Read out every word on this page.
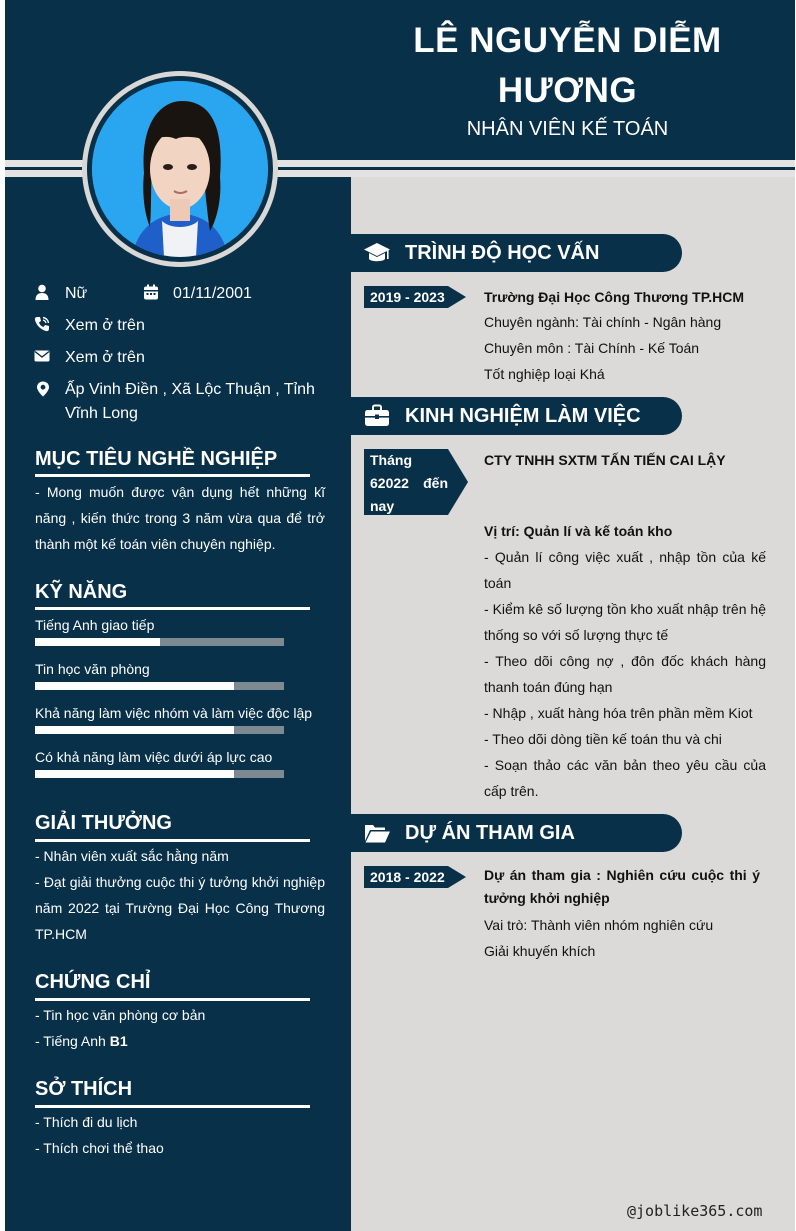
LÊ NGUYỄN DIỄM
HƯƠNG
NHÂN VIÊN KẾ TOÁN
Nữ	01/11/2001
Xem ở trên
Xem ở trên
Ấp Vinh Điền , Xã Lộc Thuận , Tỉnh
Vĩnh Long
MỤC TIÊU NGHỀ NGHIỆP
- Mong muốn được vận dụng hết những kĩ năng , kiến thức trong 3 năm vừa qua để trở thành một kế toán viên chuyên nghiệp.
KỸ NĂNG
Tiếng Anh giao tiếp
Tin học văn phòng
Khả năng làm việc nhóm và làm việc độc lập
Có khả năng làm việc dưới áp lực cao
GIẢI THƯỞNG
- Nhân viên xuất sắc hằng năm
- Đạt giải thưởng cuộc thi ý tưởng khởi nghiệp năm 2022 tại Trường Đại Học Công Thương TP.HCM
CHỨNG CHỈ
- Tin học văn phòng cơ bản
- Tiếng Anh B1
SỞ THÍCH
- Thích đi du lịch
- Thích chơi thể thao
TRÌNH ĐỘ HỌC VẤN
2019 - 2023	Trường Đại Học Công Thương TP.HCM
Chuyên ngành: Tài chính - Ngân hàng
Chuyên môn : Tài Chính - Kế Toán
Tốt nghiệp loại Khá
KINH NGHIỆM LÀM VIỆC
Tháng
62022 đến
nay
CTY TNHH SXTM TẤN TIẾN CAI LẬY
Vị trí: Quản lí và kế toán kho
- Quản lí công việc xuất , nhập tồn của kế toán
- Kiểm kê số lượng tồn kho xuất nhập trên hệ thống so với số lượng thực tế
- Theo dõi công nợ , đôn đốc khách hàng thanh toán đúng hạn
- Nhập , xuất hàng hóa trên phần mềm Kiot
- Theo dõi dòng tiền kế toán thu và chi
- Soạn thảo các văn bản theo yêu cầu của cấp trên.
DỰ ÁN THAM GIA
2018 - 2022	Dự án tham gia : Nghiên cứu cuộc thi ý tưởng khởi nghiệp
Vai trò: Thành viên nhóm nghiên cứu
Giải khuyến khích
@joblike365.com
